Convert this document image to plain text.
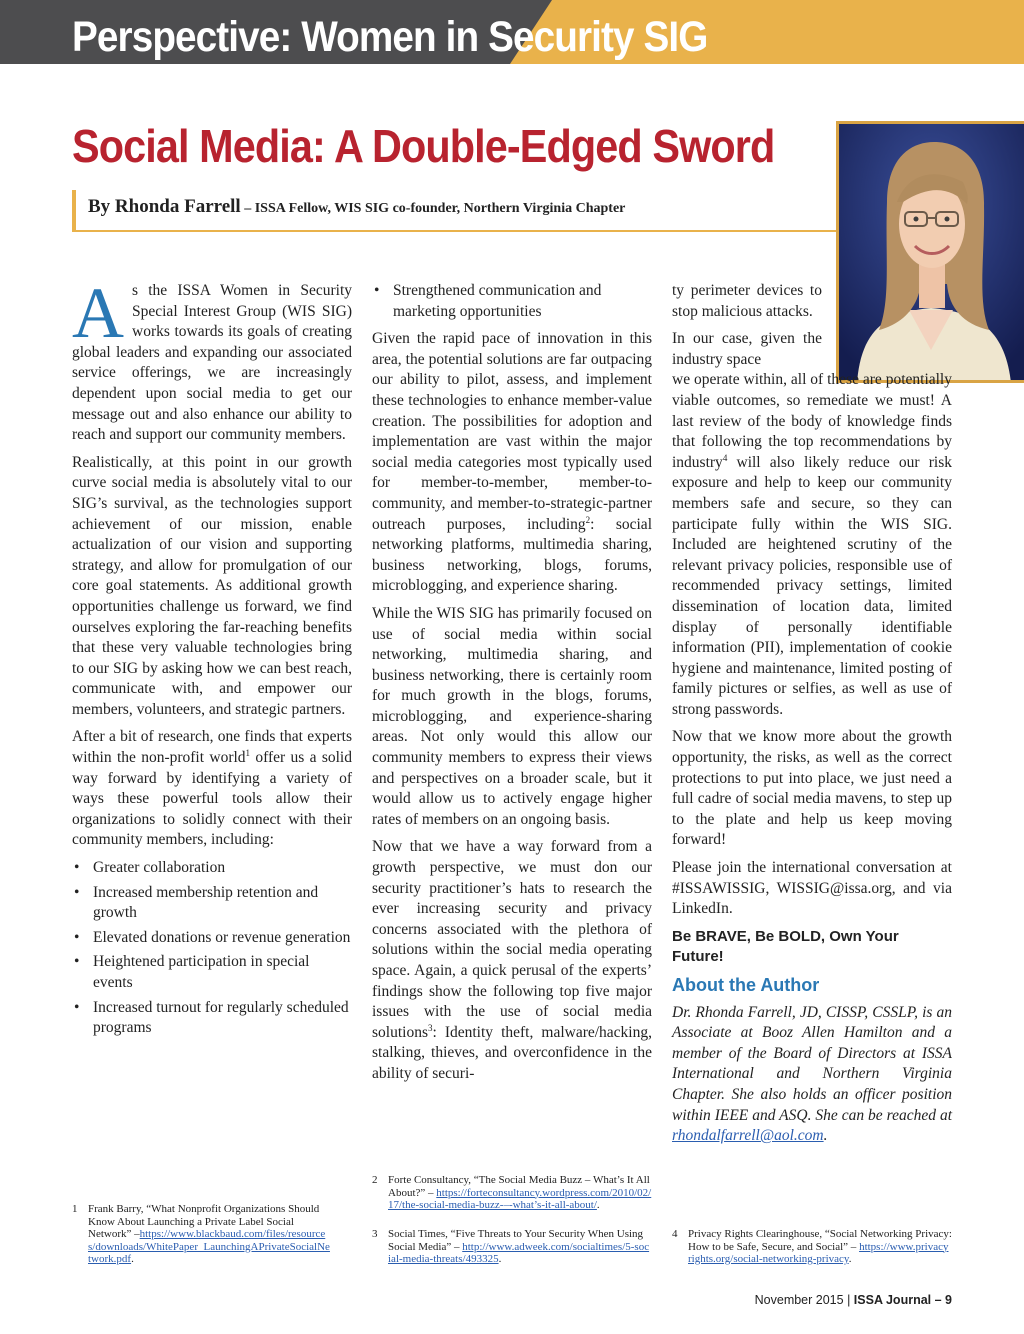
Perspective: Women in Security SIG
Social Media: A Double-Edged Sword
By Rhonda Farrell – ISSA Fellow, WIS SIG co-founder, Northern Virginia Chapter

As the ISSA Women in Security Special Interest Group (WIS SIG) works towards its goals of creating global leaders and expanding our associated service offerings, we are increasingly dependent upon social media to get our message out and also enhance our ability to reach and support our community members.

Realistically, at this point in our growth curve social media is absolutely vital to our SIG’s survival, as the technologies support achievement of our mission, enable actualization of our vision and supporting strategy, and allow for promulgation of our core goal statements. As additional growth opportunities challenge us forward, we find ourselves exploring the far-reaching benefits that these very valuable technologies bring to our SIG by asking how we can best reach, communicate with, and empower our members, volunteers, and strategic partners.

After a bit of research, one finds that experts within the non-profit world$^1$ offer us a solid way forward by identifying a variety of ways these powerful tools allow their organizations to solidly connect with their community members, including:

• Greater collaboration
• Increased membership retention and growth
• Elevated donations or revenue generation
• Heightened participation in special events
• Increased turnout for regularly scheduled programs
• Strengthened communication and marketing opportunities

Given the rapid pace of innovation in this area, the potential solutions are far outpacing our ability to pilot, assess, and implement these technologies to enhance member-value creation. The possibilities for adoption and implementation are vast within the major social media categories most typically used for member-to-member, member-to-community, and member-to-strategic-partner outreach purposes, including$^2$: social networking platforms, multimedia sharing, business networking, blogs, forums, microblogging, and experience sharing.

While the WIS SIG has primarily focused on use of social media within social networking, multimedia sharing, and business networking, there is certainly room for much growth in the blogs, forums, microblogging, and experience-sharing areas. Not only would this allow our community members to express their views and perspectives on a broader scale, but it would allow us to actively engage higher rates of members on an ongoing basis.

Now that we have a way forward from a growth perspective, we must don our security practitioner’s hats to research the ever increasing security and privacy concerns associated with the plethora of solutions within the social media operating space. Again, a quick perusal of the experts’ findings show the following top five major issues with the use of social media solutions$^3$: Identity theft, malware/hacking, stalking, thieves, and overconfidence in the ability of securi-

ty perimeter devices to stop malicious attacks.

In our case, given the industry space
we operate within, all of these are potentially viable outcomes, so remediate we must! A last review of the body of knowledge finds that following the top recommendations by industry$^4$ will also likely reduce our risk exposure and help to keep our community members safe and secure, so they can participate fully within the WIS SIG. Included are heightened scrutiny of the relevant privacy policies, responsible use of recommended privacy settings, limited dissemination of location data, limited display of personally identifiable information (PII), implementation of cookie hygiene and maintenance, limited posting of family pictures or selfies, as well as use of strong passwords.

Now that we know more about the growth opportunity, the risks, as well as the correct protections to put into place, we just need a full cadre of social media mavens, to step up to the plate and help us keep moving forward!

Please join the international conversation at #ISSAWISSIG, WISSIG@issa.org, and via LinkedIn.

Be BRAVE, Be BOLD, Own Your Future!

About the Author

Dr. Rhonda Farrell, JD, CISSP, CSSLP, is an Associate at Booz Allen Hamilton and a member of the Board of Directors at ISSA International and Northern Virginia Chapter. She also holds an officer position within IEEE and ASQ. She can be reached at rhondalfarrell@aol.com.

1 Frank Barry, “What Nonprofit Organizations Should Know About Launching a Private Label Social Network” –https://www.blackbaud.com/files/resources/downloads/WhitePaper_LaunchingAPrivateSocialNetwork.pdf.
2 Forte Consultancy, “The Social Media Buzz – What’s It All About?” – https://forteconsultancy.wordpress.com/2010/02/17/the-social-media-buzz-–-what’s-it-all-about/.
3 Social Times, “Five Threats to Your Security When Using Social Media” – http://www.adweek.com/socialtimes/5-social-media-threats/493325.
4 Privacy Rights Clearinghouse, “Social Networking Privacy: How to be Safe, Secure, and Social” – https://www.privacyrights.org/social-networking-privacy.
November 2015 | ISSA Journal – 9
